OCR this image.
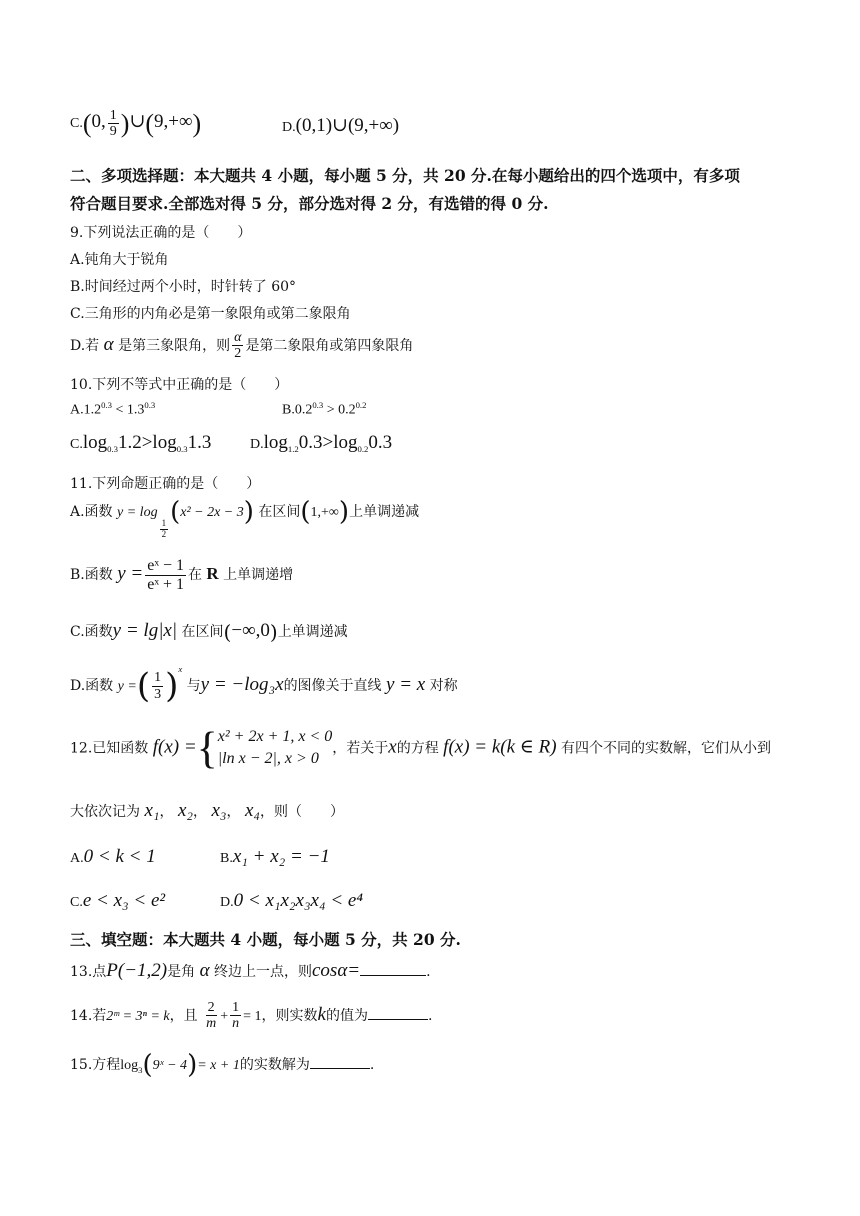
C.(0, $\frac{1}{9}$ )∪(9,+∞)	D.(0,1)∪(9,+∞)
二、多项选择题：本大题共 4 小题，每小题 5 分，共 20 分.在每小题给出的四个选项中，有多项
符合题目要求.全部选对得 5 分，部分选对得 2 分，有选错的得 0 分.
9.下列说法正确的是（　　）
A.钝角大于锐角
B.时间经过两个小时，时针转了 60°
C.三角形的内角必是第一象限角或第二象限角
D.若 α 是第三象限角，则 $\frac{\alpha}{2}$ 是第二象限角或第四象限角
10.下列不等式中正确的是（　　）
$A.1.2^{0.3} < 1.3^{0.3}$	$B.0.2^{0.3} > 0.2^{0.2}$
$C.\log_{0.3}1.2>\log_{0.3}1.3$	$D.\log_{1.2}0.3>\log_{0.2}0.3$
11.下列命题正确的是（　　）
A.函数 y = log
$\frac{1}{2}$
(x² − 2x − 3) 在区间(1,+∞)上单调递减
B.函数 $y = \frac{\text{eˣ − 1}}{\text{eˣ + 1}}$ 在 R 上单调递增
C.函数y = lg|x| 在区间(−∞,0)上单调递减
D.函数 y =( $\frac{1}{3} )^x$ 与y = −log₃x的图像关于直线 y = x 对称
12.已知函数 f(x) ={ x² + 2x + 1, x < 0
|ln x − 2|, x > 0
，若关于x的方程 f(x) = k(k ∈ R) 有四个不同的实数解，它们从小到
大依次记为 x₁， x₂， x₃， x₄，则（　　）
A.0 < k < 1	B.x₁ + x₂ = −1
C.e < x₃ < e²	D.0 < x₁x₂x₃x₄ < e⁴
三、填空题：本大题共 4 小题，每小题 5 分，共 20 分.
13.点P(−1,2)是角 α 终边上一点，则cosα=	.
14.若2ᵐ = 3ⁿ = k，且 $\frac{2}{m} + \frac{1}{n} = 1$，则实数k的值为	.
15.方程$\log_3(9ˣ - 4)= x + 1$的实数解为	.
